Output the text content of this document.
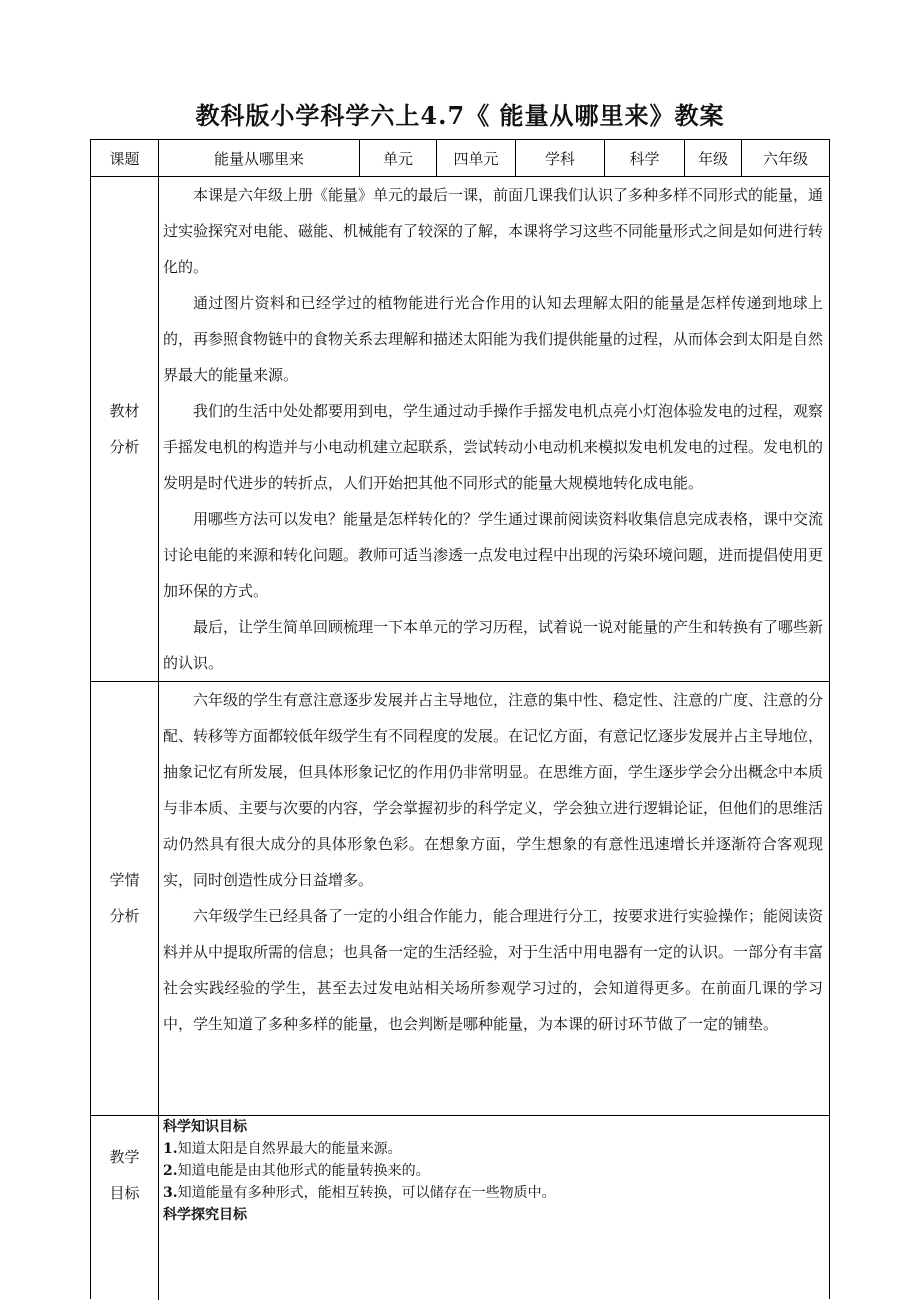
教科版小学科学六上4.7《 能量从哪里来》教案
课题	能量从哪里来	单元	四单元	学科	科学	年级	六年级
教材
分析

本课是六年级上册《能量》单元的最后一课，前面几课我们认识了多种多样不同形式的能量，通过实验探究对电能、磁能、机械能有了较深的了解，本课将学习这些不同能量形式之间是如何进行转化的。

通过图片资料和已经学过的植物能进行光合作用的认知去理解太阳的能量是怎样传递到地球上的，再参照食物链中的食物关系去理解和描述太阳能为我们提供能量的过程，从而体会到太阳是自然界最大的能量来源。

我们的生活中处处都要用到电，学生通过动手操作手摇发电机点亮小灯泡体验发电的过程，观察手摇发电机的构造并与小电动机建立起联系，尝试转动小电动机来模拟发电机发电的过程。发电机的发明是时代进步的转折点，人们开始把其他不同形式的能量大规模地转化成电能。

用哪些方法可以发电？能量是怎样转化的？学生通过课前阅读资料收集信息完成表格，课中交流讨论电能的来源和转化问题。教师可适当渗透一点发电过程中出现的污染环境问题，进而提倡使用更加环保的方式。

最后，让学生简单回顾梳理一下本单元的学习历程，试着说一说对能量的产生和转换有了哪些新的认识。

学情
分析

六年级的学生有意注意逐步发展并占主导地位，注意的集中性、稳定性、注意的广度、注意的分配、转移等方面都较低年级学生有不同程度的发展。在记忆方面，有意记忆逐步发展并占主导地位，抽象记忆有所发展，但具体形象记忆的作用仍非常明显。在思维方面，学生逐步学会分出概念中本质与非本质、主要与次要的内容，学会掌握初步的科学定义，学会独立进行逻辑论证，但他们的思维活动仍然具有很大成分的具体形象色彩。在想象方面，学生想象的有意性迅速增长并逐渐符合客观现实，同时创造性成分日益增多。

六年级学生已经具备了一定的小组合作能力，能合理进行分工，按要求进行实验操作；能阅读资料并从中提取所需的信息；也具备一定的生活经验，对于生活中用电器有一定的认识。一部分有丰富社会实践经验的学生，甚至去过发电站相关场所参观学习过的，会知道得更多。在前面几课的学习中，学生知道了多种多样的能量，也会判断是哪种能量，为本课的研讨环节做了一定的铺垫。

教学
目标
科学知识目标
1.知道太阳是自然界最大的能量来源。
2.知道电能是由其他形式的能量转换来的。
3.知道能量有多种形式，能相互转换，可以储存在一些物质中。
科学探究目标
